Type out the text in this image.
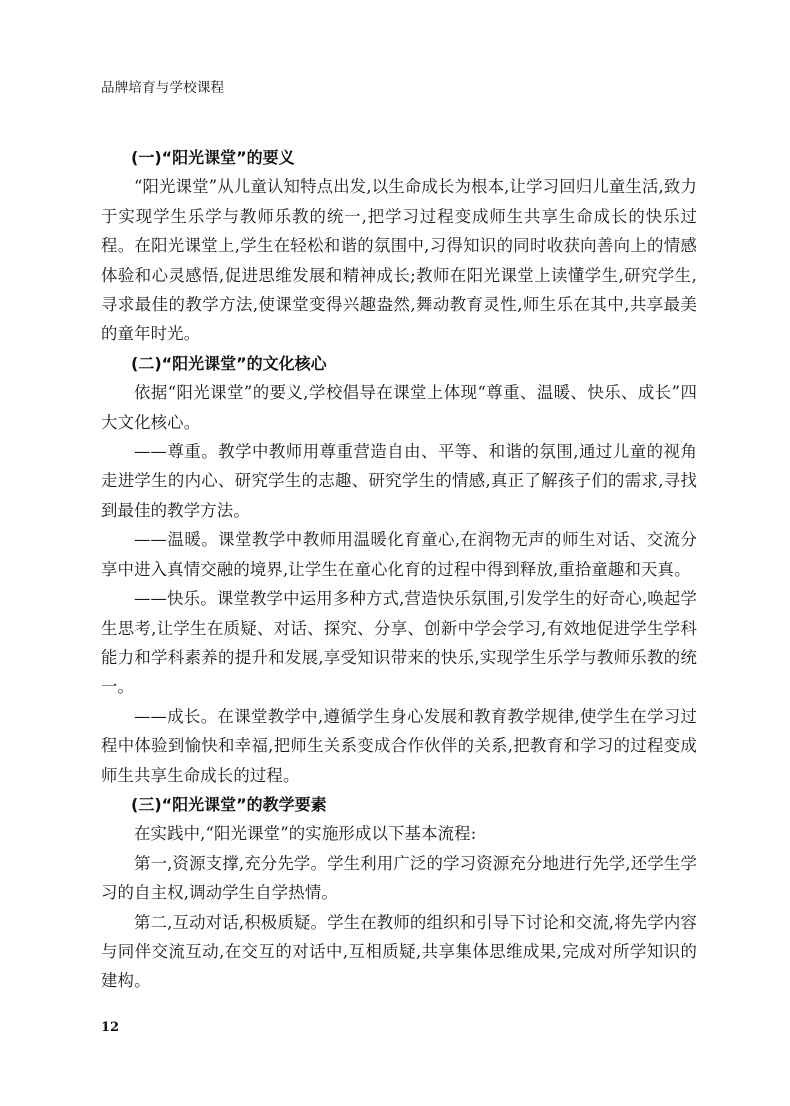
品牌培育与学校课程

(一)“阳光课堂”的要义

“阳光课堂”从儿童认知特点出发,以生命成长为根本,让学习回归儿童生活,致力于实现学生乐学与教师乐教的统一,把学习过程变成师生共享生命成长的快乐过程。在阳光课堂上,学生在轻松和谐的氛围中,习得知识的同时收获向善向上的情感体验和心灵感悟,促进思维发展和精神成长;教师在阳光课堂上读懂学生,研究学生,寻求最佳的教学方法,使课堂变得兴趣盎然,舞动教育灵性,师生乐在其中,共享最美的童年时光。

(二)“阳光课堂”的文化核心

依据“阳光课堂”的要义,学校倡导在课堂上体现“尊重、温暖、快乐、成长”四大文化核心。

——尊重。教学中教师用尊重营造自由、平等、和谐的氛围,通过儿童的视角走进学生的内心、研究学生的志趣、研究学生的情感,真正了解孩子们的需求,寻找到最佳的教学方法。

——温暖。课堂教学中教师用温暖化育童心,在润物无声的师生对话、交流分享中进入真情交融的境界,让学生在童心化育的过程中得到释放,重拾童趣和天真。

——快乐。课堂教学中运用多种方式,营造快乐氛围,引发学生的好奇心,唤起学生思考,让学生在质疑、对话、探究、分享、创新中学会学习,有效地促进学生学科能力和学科素养的提升和发展,享受知识带来的快乐,实现学生乐学与教师乐教的统一。

——成长。在课堂教学中,遵循学生身心发展和教育教学规律,使学生在学习过程中体验到愉快和幸福,把师生关系变成合作伙伴的关系,把教育和学习的过程变成师生共享生命成长的过程。

(三)“阳光课堂”的教学要素

在实践中,“阳光课堂”的实施形成以下基本流程:

第一,资源支撑,充分先学。学生利用广泛的学习资源充分地进行先学,还学生学习的自主权,调动学生自学热情。

第二,互动对话,积极质疑。学生在教师的组织和引导下讨论和交流,将先学内容与同伴交流互动,在交互的对话中,互相质疑,共享集体思维成果,完成对所学知识的建构。

12
